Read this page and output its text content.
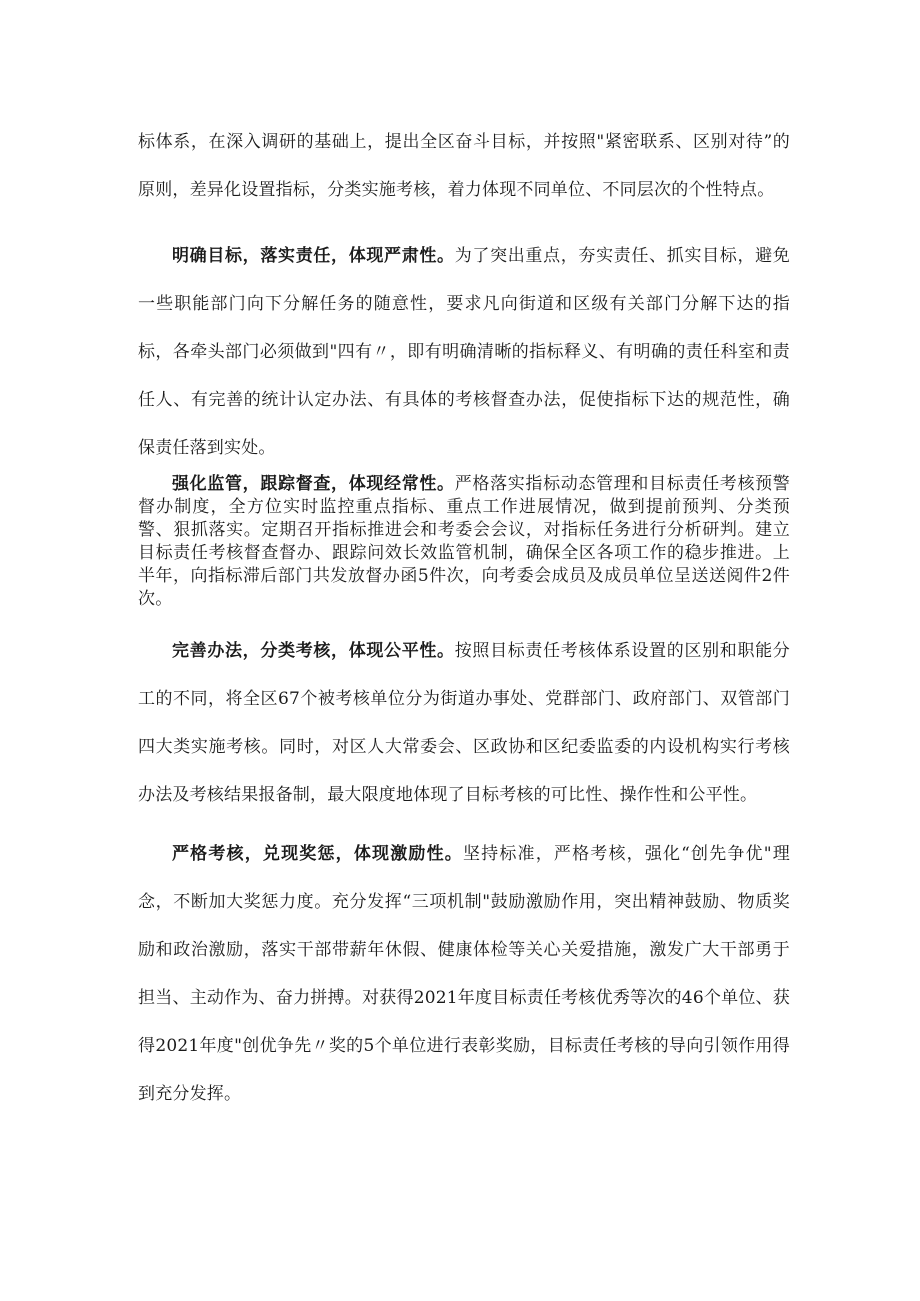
标体系，在深入调研的基础上，提出全区奋斗目标，并按照"紧密联系、区别对待”的原则，差异化设置指标，分类实施考核，着力体现不同单位、不同层次的个性特点。

明确目标，落实责任，体现严肃性。为了突出重点，夯实责任、抓实目标，避免一些职能部门向下分解任务的随意性，要求凡向街道和区级有关部门分解下达的指标，各牵头部门必须做到"四有〃，即有明确清晰的指标释义、有明确的责任科室和责任人、有完善的统计认定办法、有具体的考核督查办法，促使指标下达的规范性，确保责任落到实处。

强化监管，跟踪督查，体现经常性。严格落实指标动态管理和目标责任考核预警督办制度，全方位实时监控重点指标、重点工作进展情况，做到提前预判、分类预警、狠抓落实。定期召开指标推进会和考委会会议，对指标任务进行分析研判。建立目标责任考核督查督办、跟踪问效长效监管机制，确保全区各项工作的稳步推进。上半年，向指标滞后部门共发放督办函5件次，向考委会成员及成员单位呈送送阅件2件次。

完善办法，分类考核，体现公平性。按照目标责任考核体系设置的区别和职能分工的不同，将全区67个被考核单位分为街道办事处、党群部门、政府部门、双管部门四大类实施考核。同时，对区人大常委会、区政协和区纪委监委的内设机构实行考核办法及考核结果报备制，最大限度地体现了目标考核的可比性、操作性和公平性。

严格考核，兑现奖惩，体现激励性。坚持标准，严格考核，强化“创先争优"理念，不断加大奖惩力度。充分发挥“三项机制"鼓励激励作用，突出精神鼓励、物质奖励和政治激励，落实干部带薪年休假、健康体检等关心关爱措施，激发广大干部勇于担当、主动作为、奋力拼搏。对获得2021年度目标责任考核优秀等次的46个单位、获得2021年度"创优争先〃奖的5个单位进行表彰奖励，目标责任考核的导向引领作用得到充分发挥。
